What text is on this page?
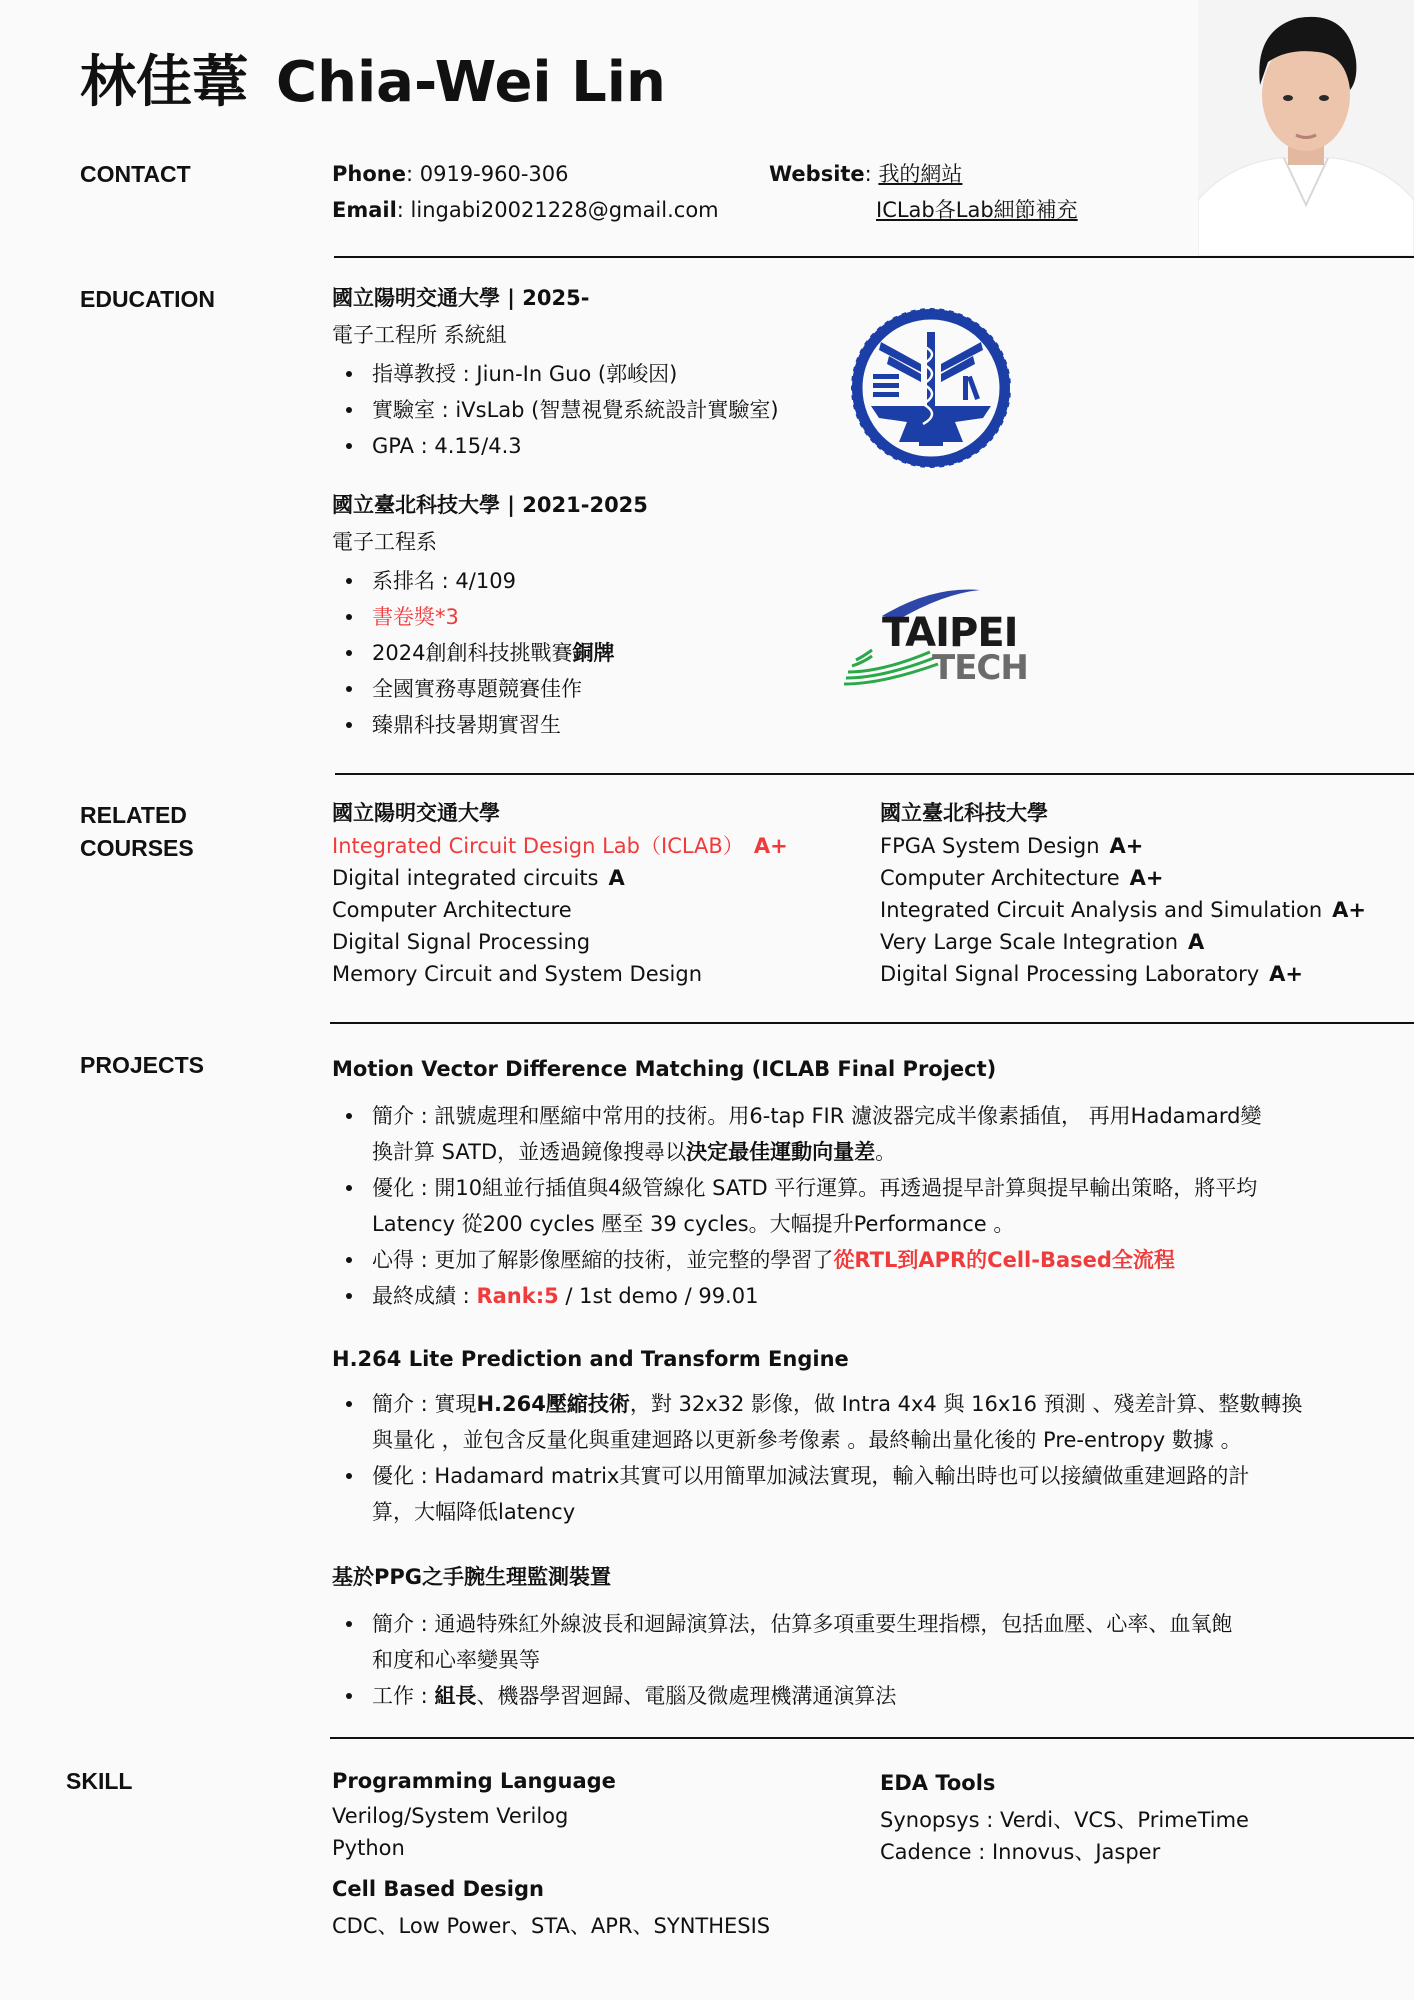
林佳葦 Chia-Wei Lin
CONTACT	Phone: 0919-960-306
Email: lingabi20021228@gmail.com
Website: 我的網站
ICLab各Lab細節補充
EDUCATION	國立陽明交通大學 | 2025-
電子工程所 系統組
指導教授 : Jiun-In Guo (郭峻因)
實驗室 : iVsLab (智慧視覺系統設計實驗室)
GPA : 4.15/4.3
國立臺北科技大學 | 2021-2025
電子工程系
系排名 : 4/109
書卷獎*3
2024創創科技挑戰賽銅牌
全國實務專題競賽佳作
臻鼎科技暑期實習生
TAIPEI
TECH
RELATED
COURSES
國立陽明交通大學
Integrated Circuit Design Lab（ICLAB） A+
Digital integrated circuits A
Computer Architecture
Digital Signal Processing
Memory Circuit and System Design
國立臺北科技大學
FPGA System Design A+
Computer Architecture A+
Integrated Circuit Analysis and Simulation A+
Very Large Scale Integration A
Digital Signal Processing Laboratory A+
PROJECTS	Motion Vector Difference Matching (ICLAB Final Project)
簡介 : 訊號處理和壓縮中常用的技術。用6-tap FIR 濾波器完成半像素插值， 再用Hadamard變
換計算 SATD，並透過鏡像搜尋以決定最佳運動向量差。
優化 : 開10組並行插值與4級管線化 SATD 平行運算。再透過提早計算與提早輸出策略，將平均
Latency 從200 cycles 壓至 39 cycles。大幅提升Performance 。
心得 : 更加了解影像壓縮的技術，並完整的學習了從RTL到APR的Cell-Based全流程
最終成績 : Rank:5 / 1st demo / 99.01
H.264 Lite Prediction and Transform Engine
簡介 : 實現H.264壓縮技術，對 32x32 影像，做 Intra 4x4 與 16x16 預測 、殘差計算、整數轉換
與量化 ，並包含反量化與重建迴路以更新參考像素 。最終輸出量化後的 Pre-entropy 數據 。
優化 : Hadamard matrix其實可以用簡單加減法實現，輸入輸出時也可以接續做重建迴路的計
算，大幅降低latency
基於PPG之手腕生理監測裝置
簡介 : 通過特殊紅外線波長和迴歸演算法，估算多項重要生理指標，包括血壓、心率、血氧飽
和度和心率變異等
工作 : 組長、機器學習迴歸、電腦及微處理機溝通演算法
SKILL	Programming Language
Verilog/System Verilog
Python
Cell Based Design
CDC、Low Power、STA、APR、SYNTHESIS
EDA Tools
Synopsys : Verdi、VCS、PrimeTime
Cadence : Innovus、Jasper
